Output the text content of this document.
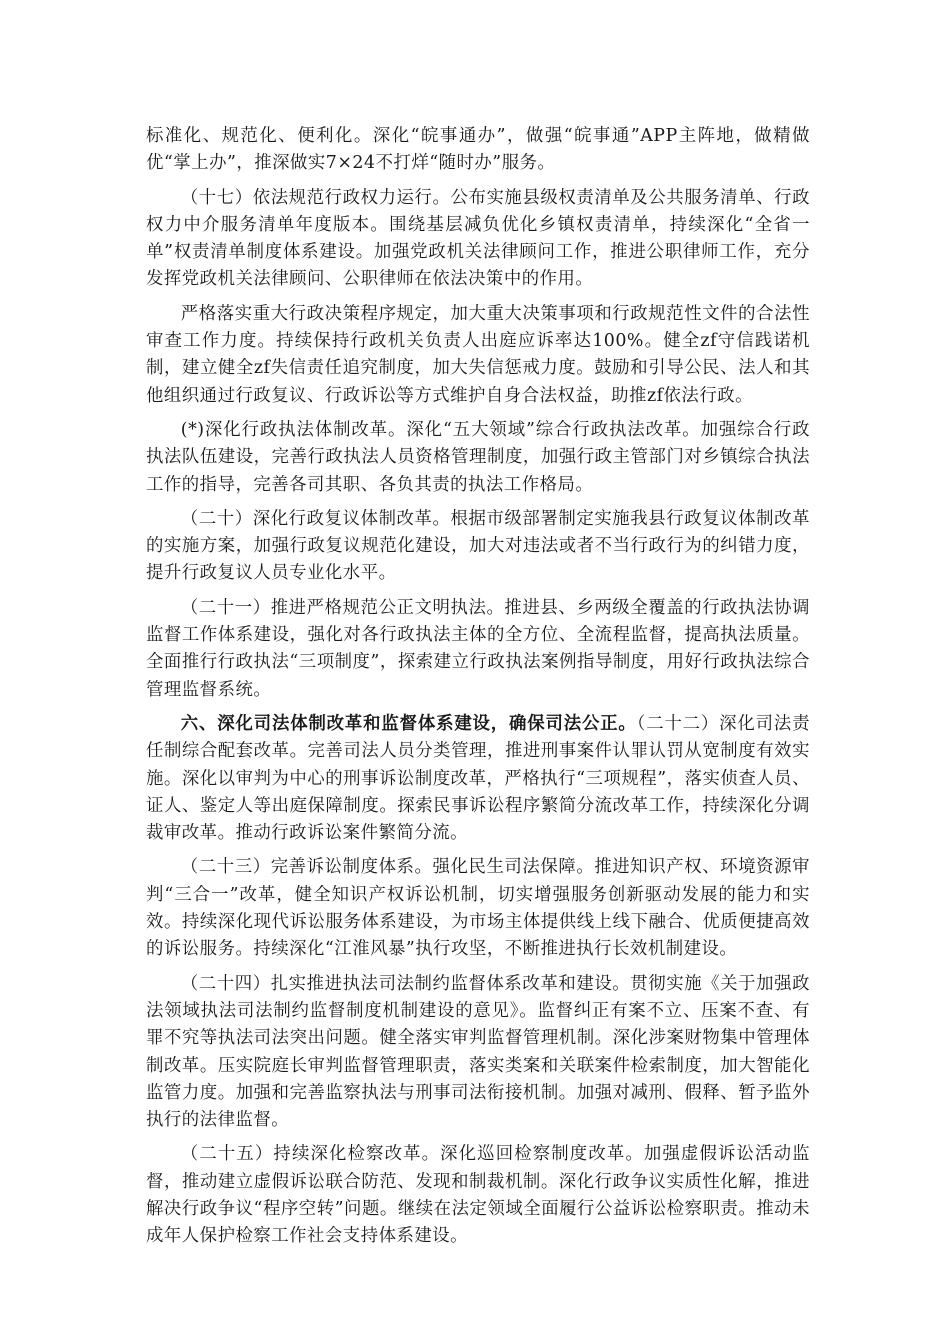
标准化、规范化、便利化。深化“皖事通办”，做强“皖事通”APP主阵地，做精做优“掌上办”，推深做实7×24不打烊“随时办”服务。

（十七）依法规范行政权力运行。公布实施县级权责清单及公共服务清单、行政权力中介服务清单年度版本。围绕基层减负优化乡镇权责清单，持续深化“全省一单”权责清单制度体系建设。加强党政机关法律顾问工作，推进公职律师工作，充分发挥党政机关法律顾问、公职律师在依法决策中的作用。

严格落实重大行政决策程序规定，加大重大决策事项和行政规范性文件的合法性审查工作力度。持续保持行政机关负责人出庭应诉率达100%。健全zf守信践诺机制，建立健全zf失信责任追究制度，加大失信惩戒力度。鼓励和引导公民、法人和其他组织通过行政复议、行政诉讼等方式维护自身合法权益，助推zf依法行政。

(*)深化行政执法体制改革。深化“五大领域”综合行政执法改革。加强综合行政执法队伍建设，完善行政执法人员资格管理制度，加强行政主管部门对乡镇综合执法工作的指导，完善各司其职、各负其责的执法工作格局。

（二十）深化行政复议体制改革。根据市级部署制定实施我县行政复议体制改革的实施方案，加强行政复议规范化建设，加大对违法或者不当行政行为的纠错力度，提升行政复议人员专业化水平。

（二十一）推进严格规范公正文明执法。推进县、乡两级全覆盖的行政执法协调监督工作体系建设，强化对各行政执法主体的全方位、全流程监督，提高执法质量。全面推行行政执法“三项制度”，探索建立行政执法案例指导制度，用好行政执法综合管理监督系统。

六、深化司法体制改革和监督体系建设，确保司法公正。（二十二）深化司法责任制综合配套改革。完善司法人员分类管理，推进刑事案件认罪认罚从宽制度有效实施。深化以审判为中心的刑事诉讼制度改革，严格执行“三项规程”，落实侦查人员、证人、鉴定人等出庭保障制度。探索民事诉讼程序繁简分流改革工作，持续深化分调裁审改革。推动行政诉讼案件繁简分流。

（二十三）完善诉讼制度体系。强化民生司法保障。推进知识产权、环境资源审判“三合一”改革，健全知识产权诉讼机制，切实增强服务创新驱动发展的能力和实效。持续深化现代诉讼服务体系建设，为市场主体提供线上线下融合、优质便捷高效的诉讼服务。持续深化“江淮风暴”执行攻坚，不断推进执行长效机制建设。

（二十四）扎实推进执法司法制约监督体系改革和建设。贯彻实施《关于加强政法领域执法司法制约监督制度机制建设的意见》。监督纠正有案不立、压案不查、有罪不究等执法司法突出问题。健全落实审判监督管理机制。深化涉案财物集中管理体制改革。压实院庭长审判监督管理职责，落实类案和关联案件检索制度，加大智能化监管力度。加强和完善监察执法与刑事司法衔接机制。加强对减刑、假释、暂予监外执行的法律监督。

（二十五）持续深化检察改革。深化巡回检察制度改革。加强虚假诉讼活动监督，推动建立虚假诉讼联合防范、发现和制裁机制。深化行政争议实质性化解，推进解决行政争议“程序空转”问题。继续在法定领域全面履行公益诉讼检察职责。推动未成年人保护检察工作社会支持体系建设。
